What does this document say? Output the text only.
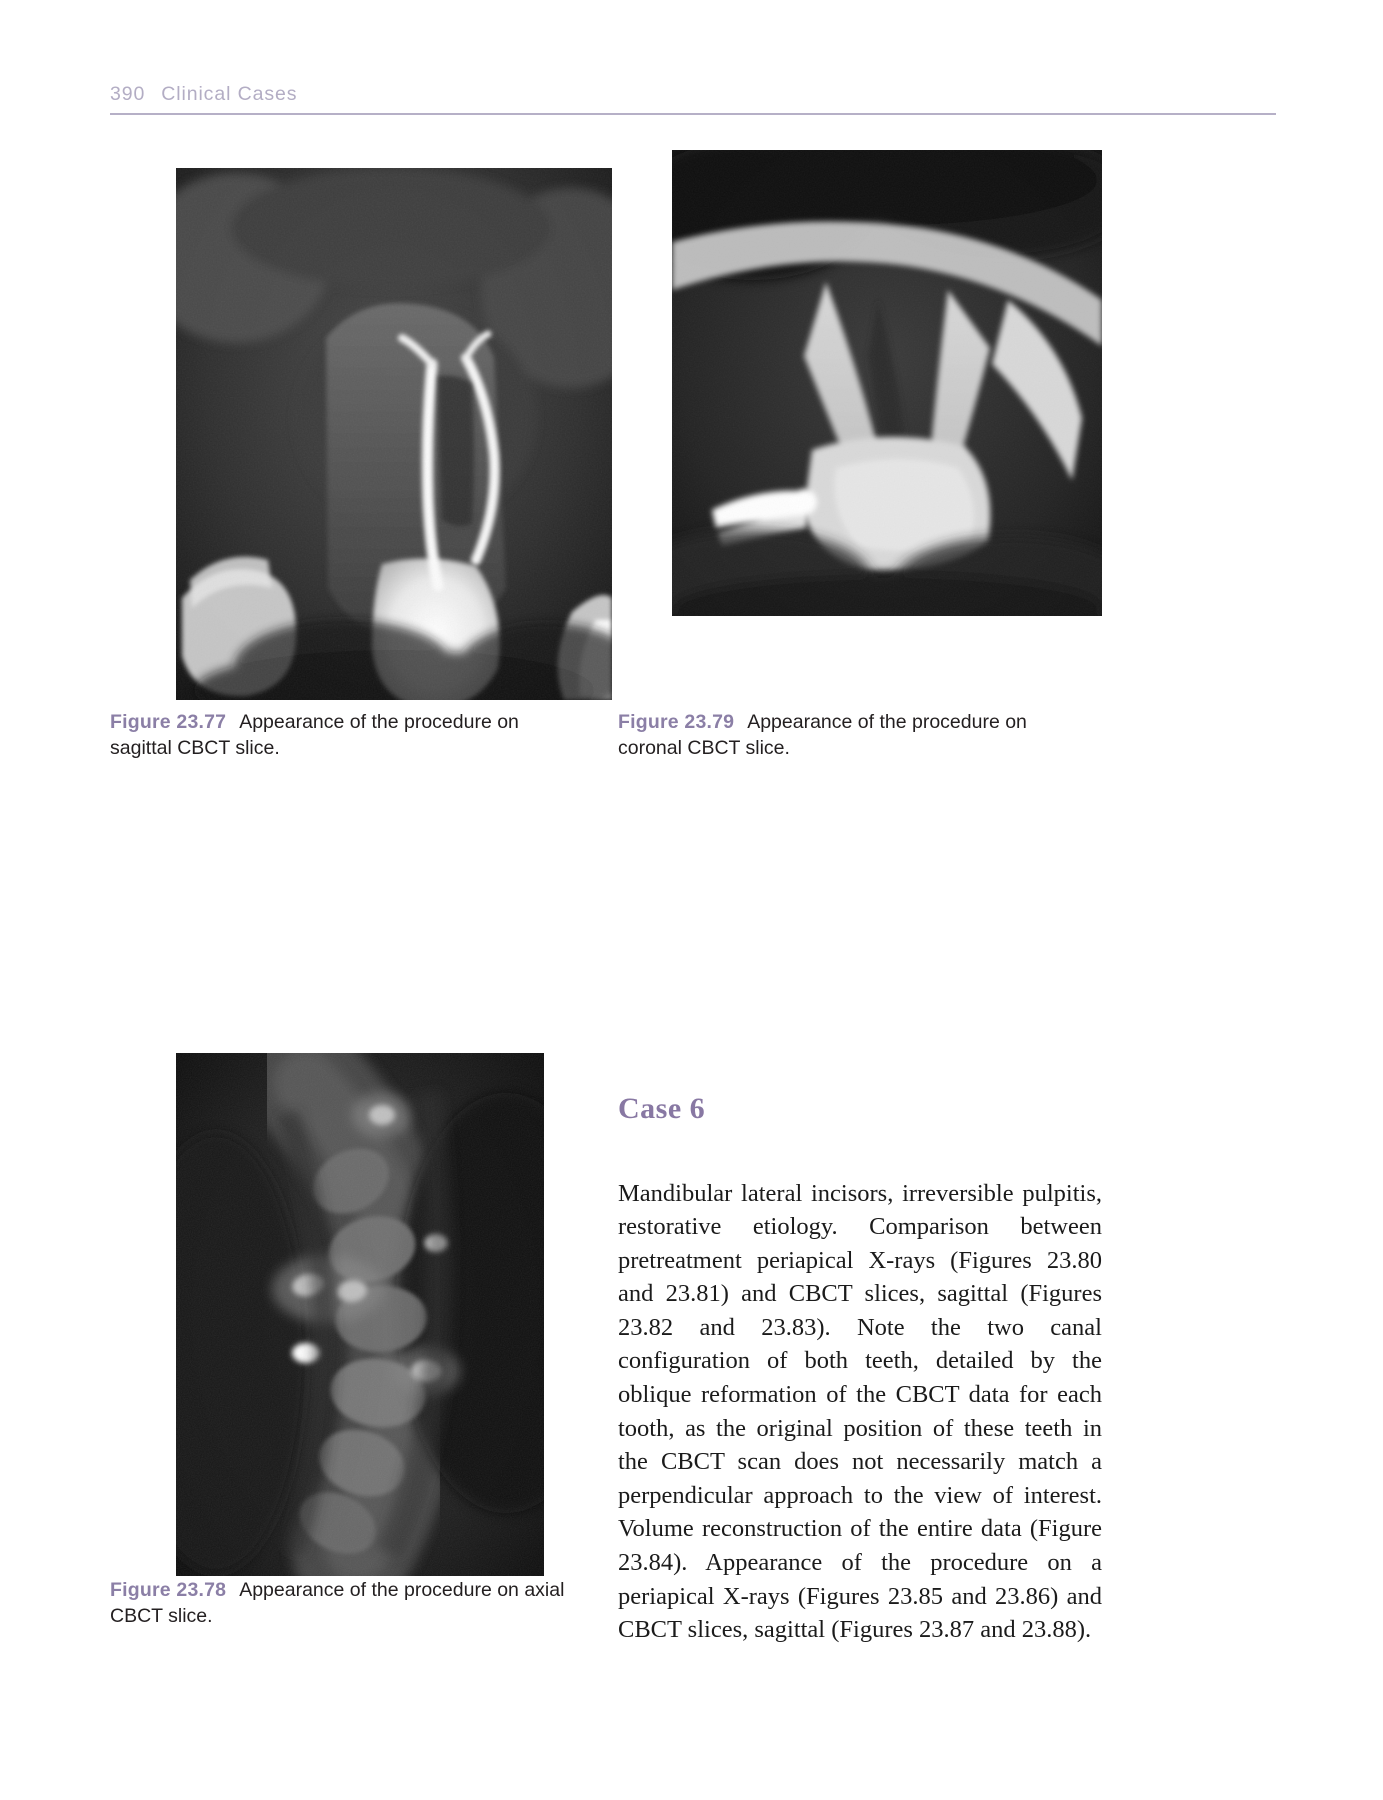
390 Clinical Cases
Figure 23.77 Appearance of the procedure on sagittal CBCT slice.
Figure 23.79 Appearance of the procedure on coronal CBCT slice.
Figure 23.78 Appearance of the procedure on axial CBCT slice.
Case 6

Mandibular lateral incisors, irreversible pulpitis, restorative etiology. Comparison between pretreatment periapical X-rays (Figures 23.80 and 23.81) and CBCT slices, sagittal (Figures 23.82 and 23.83). Note the two canal configuration of both teeth, detailed by the oblique reformation of the CBCT data for each tooth, as the original position of these teeth in the CBCT scan does not necessarily match a perpendicular approach to the view of interest. Volume reconstruction of the entire data (Figure 23.84). Appearance of the procedure on a periapical X-rays (Figures 23.85 and 23.86) and CBCT slices, sagittal (Figures 23.87 and 23.88).
